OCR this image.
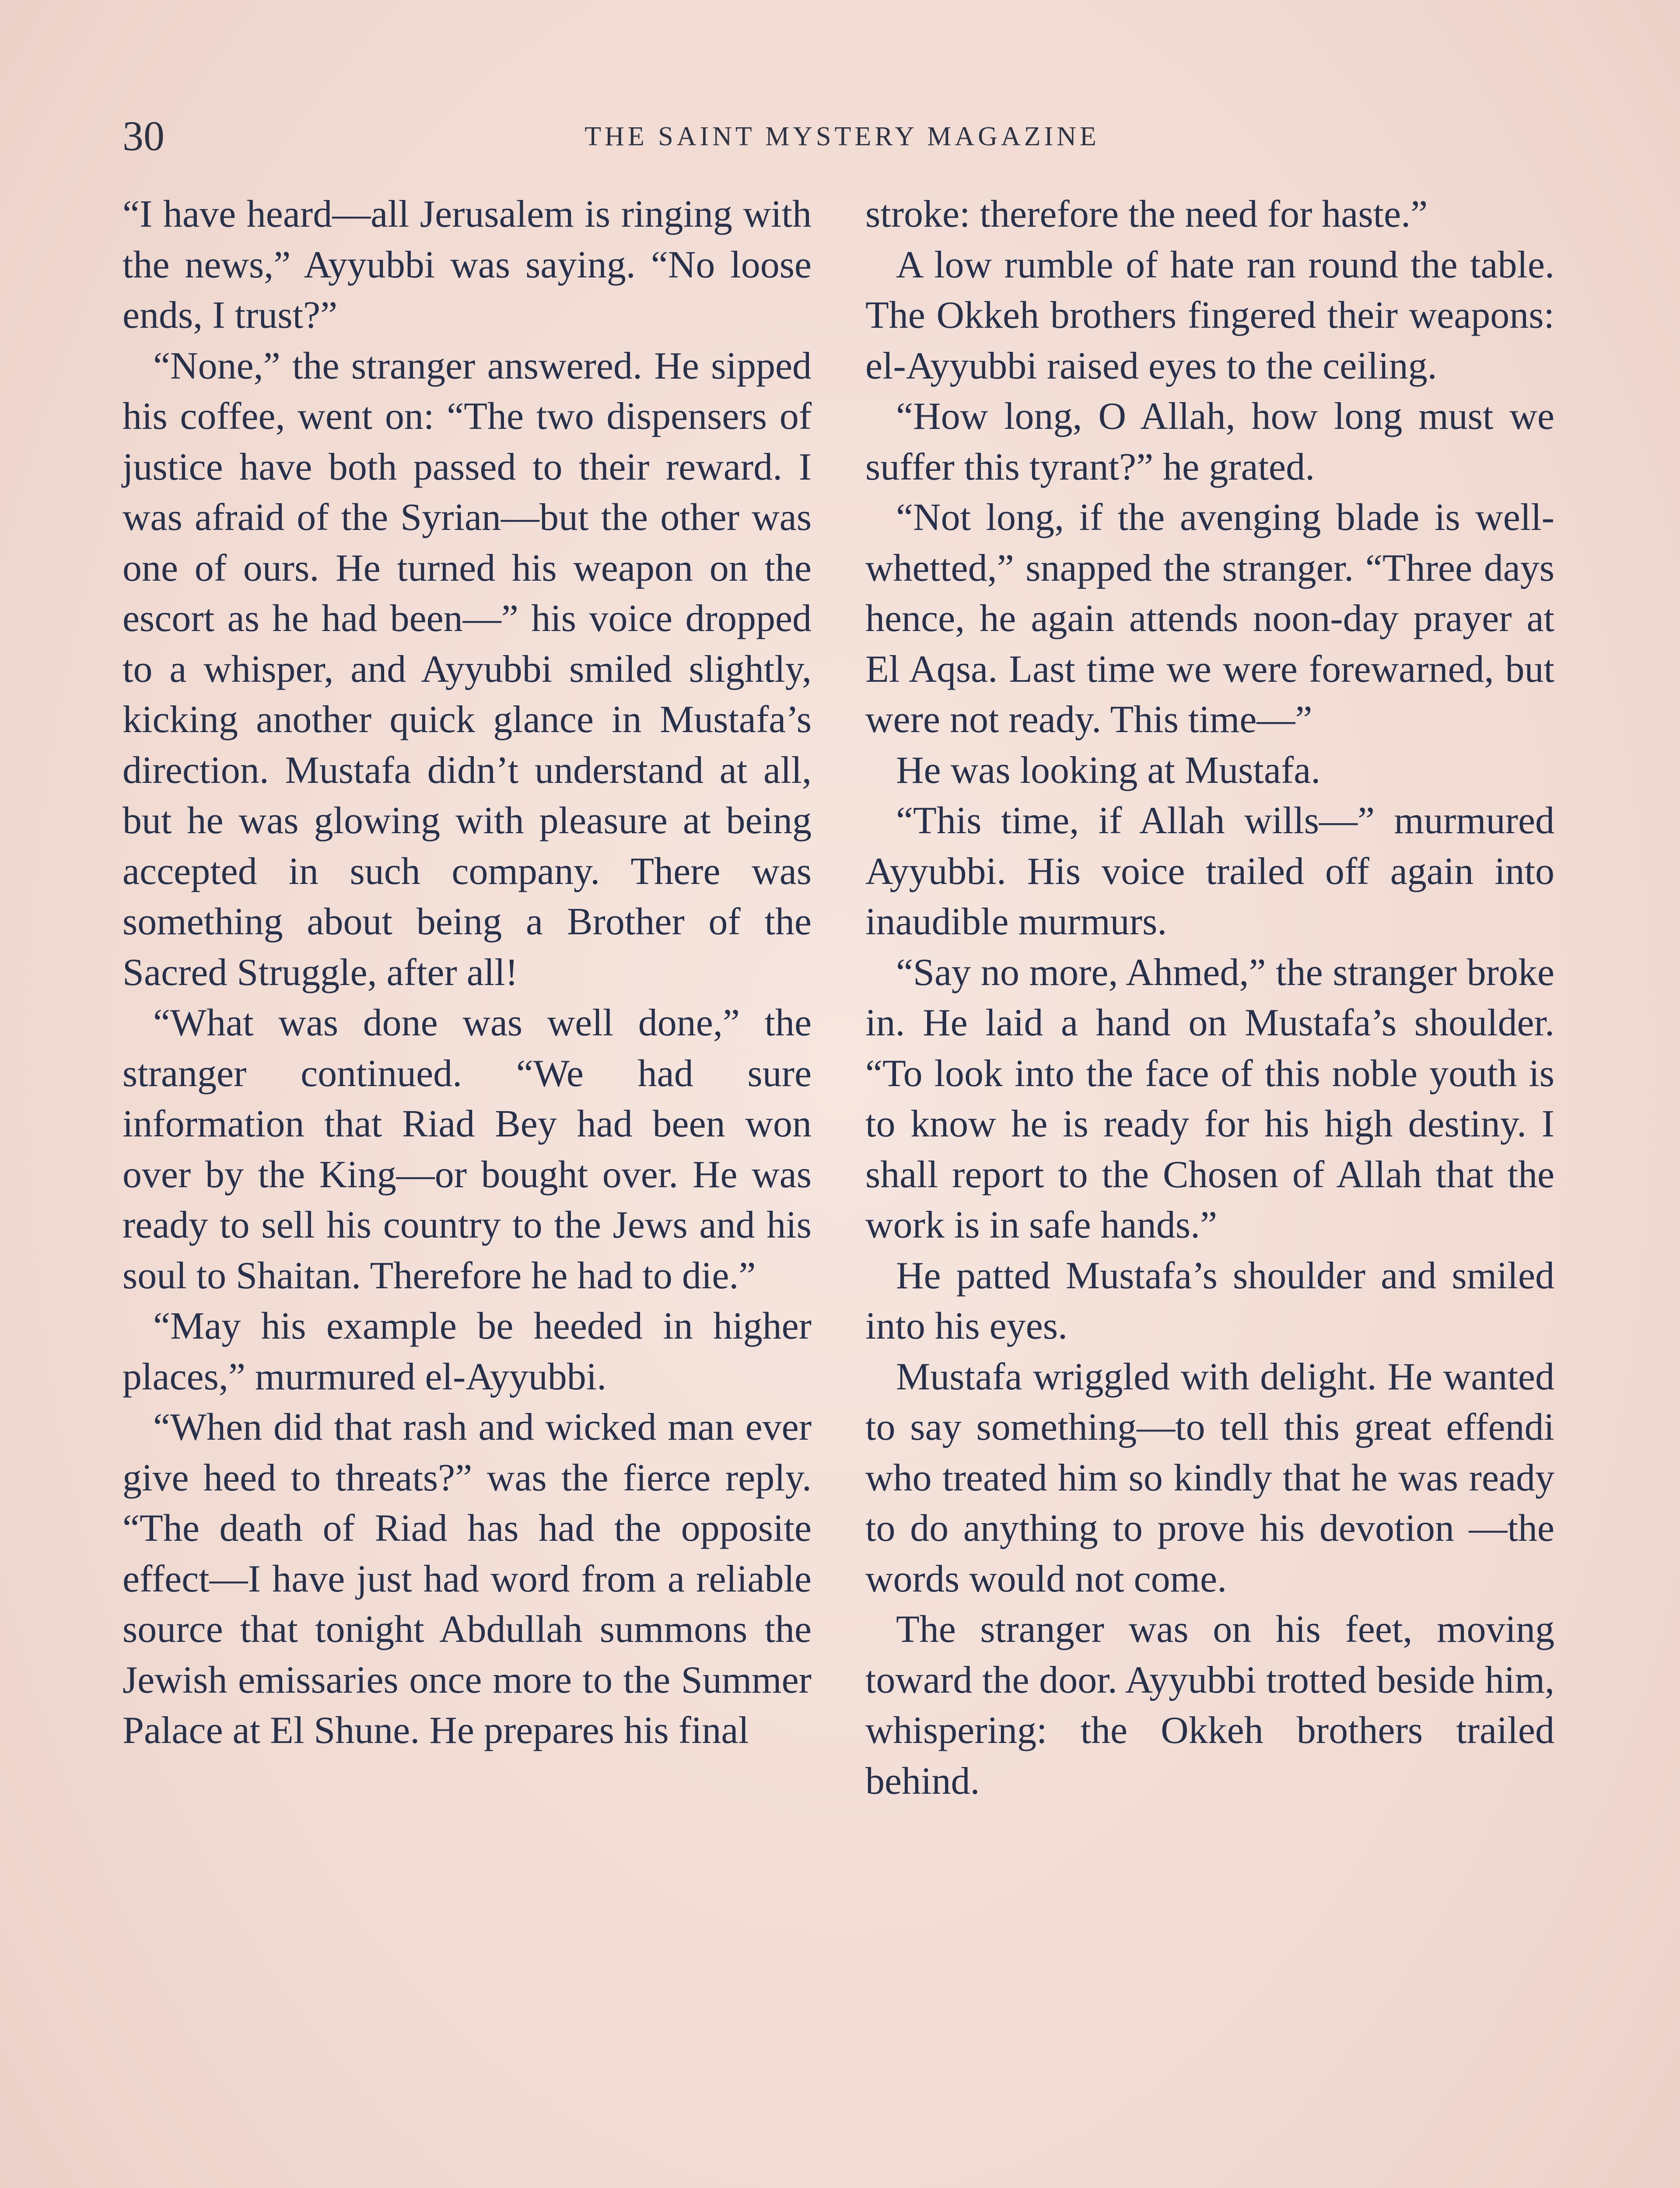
30	THE SAINT MYSTERY MAGAZINE

“I have heard—all Jerusalem is ringing with the news,” Ayyubbi was saying. “No loose ends, I trust?”

“None,” the stranger answered. He sipped his coffee, went on: “The two dispensers of justice have both passed to their reward. I was afraid of the Syrian—but the other was one of ours. He turned his weapon on the escort as he had been—” his voice dropped to a whisper, and Ayyubbi smiled slightly, kicking another quick glance in Mustafa’s direction. Mustafa didn’t understand at all, but he was glowing with pleasure at being accepted in such company. There was something about being a Brother of the Sacred Struggle, after all!

“What was done was well done,” the stranger continued. “We had sure information that Riad Bey had been won over by the King—or bought over. He was ready to sell his country to the Jews and his soul to Shaitan. Therefore he had to die.”

“May his example be heeded in higher places,” murmured el-Ayyubbi.

“When did that rash and wicked man ever give heed to threats?” was the fierce reply. “The death of Riad has had the opposite effect—I have just had word from a reliable source that tonight Abdullah summons the Jewish emissaries once more to the Summer Palace at El Shune. He prepares his final

stroke: therefore the need for haste.”

A low rumble of hate ran round the table. The Okkeh brothers fingered their weapons: el-Ayyubbi raised eyes to the ceiling.

“How long, O Allah, how long must we suffer this tyrant?” he grated.

“Not long, if the avenging blade is well-whetted,” snapped the stranger. “Three days hence, he again attends noon-day prayer at El Aqsa. Last time we were forewarned, but were not ready. This time—”

He was looking at Mustafa.

“This time, if Allah wills—” murmured Ayyubbi. His voice trailed off again into inaudible murmurs.

“Say no more, Ahmed,” the stranger broke in. He laid a hand on Mustafa’s shoulder. “To look into the face of this noble youth is to know he is ready for his high destiny. I shall report to the Chosen of Allah that the work is in safe hands.”

He patted Mustafa’s shoulder and smiled into his eyes.

Mustafa wriggled with delight. He wanted to say something—to tell this great effendi who treated him so kindly that he was ready to do anything to prove his devotion —the words would not come.

The stranger was on his feet, moving toward the door. Ayyubbi trotted beside him, whispering: the Okkeh brothers trailed behind.
